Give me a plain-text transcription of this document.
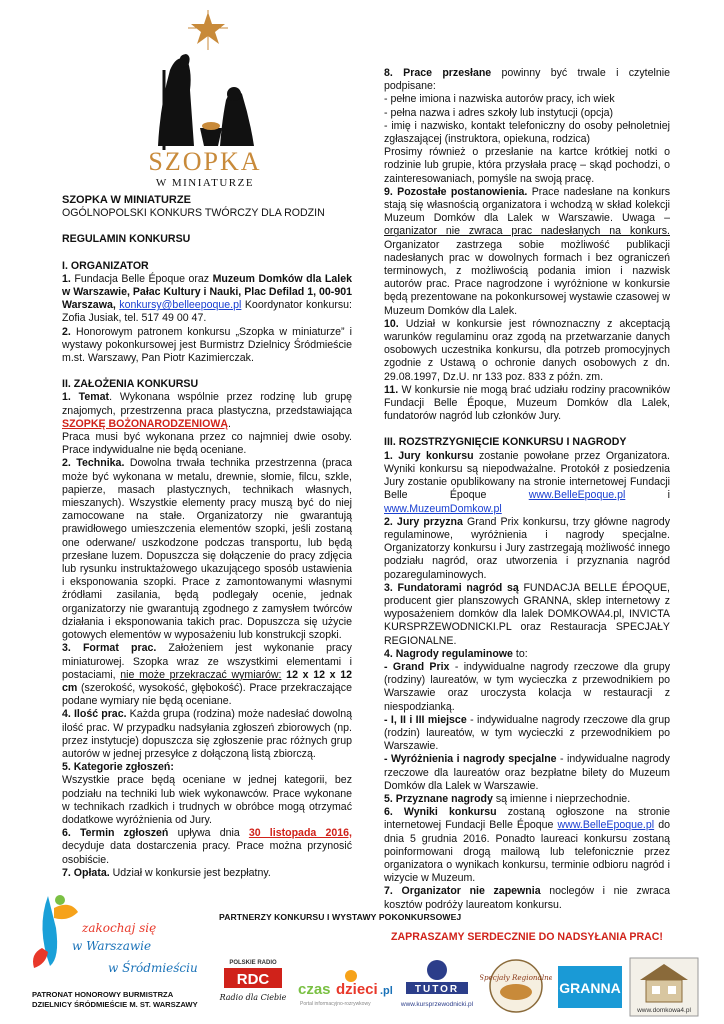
SZOPKA
W MINIATURZE

SZOPKA W MINIATURZE

OGÓLNOPOLSKI KONKURS TWÓRCZY DLA RODZIN

REGULAMIN KONKURSU

I. ORGANIZATOR

1. Fundacja Belle Époque oraz Muzeum Domków dla Lalek w Warszawie, Pałac Kultury i Nauki, Plac Defilad 1, 00-901 Warszawa, konkursy@belleepoque.pl Koordynator konkursu: Zofia Jusiak, tel. 517 49 00 47.

2. Honorowym patronem konkursu „Szopka w miniaturze” i wystawy pokonkursowej jest Burmistrz Dzielnicy Śródmieście m.st. Warszawy, Pan Piotr Kazimierczak.

II. ZAŁOŻENIA KONKURSU

1. Temat. Wykonana wspólnie przez rodzinę lub grupę znajomych, przestrzenna praca plastyczna, przedstawiająca SZOPKĘ BOŻONARODZENIOWĄ.

Praca musi być wykonana przez co najmniej dwie osoby. Prace indywidualne nie będą oceniane.

2. Technika. Dowolna trwała technika przestrzenna (praca może być wykonana w metalu, drewnie, słomie, filcu, szkle, papierze, masach plastycznych, technikach własnych, mieszanych). Wszystkie elementy pracy muszą być do niej zamocowane na stałe. Organizatorzy nie gwarantują prawidłowego umieszczenia elementów szopki, jeśli zostaną one oderwane/ uszkodzone podczas transportu, lub będą przesłane luzem. Dopuszcza się dołączenie do pracy zdjęcia lub rysunku instruktażowego ukazującego sposób ustawienia i eksponowania szopki. Prace z zamontowanymi własnymi źródłami zasilania, będą podlegały ocenie, jednak organizatorzy nie gwarantują zgodnego z zamysłem twórców działania i eksponowania takich prac. Dopuszcza się użycie gotowych elementów w wyposażeniu lub konstrukcji szopki.

3. Format prac. Założeniem jest wykonanie pracy miniaturowej. Szopka wraz ze wszystkimi elementami i postaciami, nie może przekraczać wymiarów: 12 x 12 x 12 cm (szerokość, wysokość, głębokość). Prace przekraczające podane wymiary nie będą oceniane.

4. Ilość prac. Każda grupa (rodzina) może nadesłać dowolną ilość prac. W przypadku nadsyłania zgłoszeń zbiorowych (np. przez instytucje) dopuszcza się zgłoszenie prac różnych grup autorów w jednej przesyłce z dołączoną listą zbiorczą.

5. Kategorie zgłoszeń:

Wszystkie prace będą oceniane w jednej kategorii, bez podziału na techniki lub wiek wykonawców. Prace wykonane w technikach rzadkich i trudnych w obróbce mogą otrzymać dodatkowe wyróżnienia od Jury.

6. Termin zgłoszeń upływa dnia 30 listopada 2016, decyduje data dostarczenia pracy. Prace można przynosić osobiście.

7. Opłata. Udział w konkursie jest bezpłatny.

8. Prace przesłane powinny być trwale i czytelnie podpisane:

- pełne imiona i nazwiska autorów pracy, ich wiek

- pełna nazwa i adres szkoły lub instytucji (opcja)

- imię i nazwisko, kontakt telefoniczny do osoby pełnoletniej zgłaszającej (instruktora, opiekuna, rodzica)

Prosimy również o przesłanie na kartce krótkiej notki o rodzinie lub grupie, która przysłała pracę – skąd pochodzi, o zainteresowaniach, pomyśle na swoją pracę.

9. Pozostałe postanowienia. Prace nadesłane na konkurs stają się własnością organizatora i wchodzą w skład kolekcji Muzeum Domków dla Lalek w Warszawie. Uwaga – organizator nie zwraca prac nadesłanych na konkurs. Organizator zastrzega sobie możliwość publikacji nadesłanych prac w dowolnych formach i bez ograniczeń terminowych, z możliwością podania imion i nazwisk autorów prac. Prace nagrodzone i wyróżnione w konkursie będą prezentowane na pokonkursowej wystawie czasowej w Muzeum Domków dla Lalek.

10. Udział w konkursie jest równoznaczny z akceptacją warunków regulaminu oraz zgodą na przetwarzanie danych osobowych uczestnika konkursu, dla potrzeb promocyjnych zgodnie z Ustawą o ochronie danych osobowych z dn. 29.08.1997, Dz.U. nr 133 poz. 833 z późn. zm.

11. W konkursie nie mogą brać udziału rodziny pracowników Fundacji Belle Époque, Muzeum Domków dla Lalek, fundatorów nagród lub członków Jury.

III. ROZSTRZYGNIĘCIE KONKURSU I NAGRODY

1. Jury konkursu zostanie powołane przez Organizatora. Wyniki konkursu są niepodważalne. Protokół z posiedzenia Jury zostanie opublikowany na stronie internetowej Fundacji Belle Époque	www.BelleEpoque.pl	i www.MuzeumDomkow.pl

2. Jury przyzna Grand Prix konkursu, trzy główne nagrody regulaminowe, wyróżnienia i nagrody specjalne. Organizatorzy konkursu i Jury zastrzegają możliwość innego podziału nagród, oraz utworzenia i przyznania nagród pozaregulaminowych.

3. Fundatorami nagród są FUNDACJA BELLE ÉPOQUE, producent gier planszowych GRANNA, sklep internetowy z wyposażeniem domków dla lalek DOMKOWA4.pl, INVICTA KURSPRZEWODNICKI.PL oraz Restauracja SPECJAŁY REGIONALNE.

4. Nagrody regulaminowe to:

- Grand Prix - indywidualne nagrody rzeczowe dla grupy (rodziny) laureatów, w tym wycieczka z przewodnikiem po Warszawie oraz uroczysta kolacja w restauracji z niespodzianką.

- I, II i III miejsce - indywidualne nagrody rzeczowe dla grup (rodzin) laureatów, w tym wycieczki z przewodnikiem po Warszawie.

- Wyróżnienia i nagrody specjalne - indywidualne nagrody rzeczowe dla laureatów oraz bezpłatne bilety do Muzeum Domków dla Lalek w Warszawie.

5. Przyznane nagrody są imienne i nieprzechodnie.

6. Wyniki konkursu zostaną ogłoszone na stronie internetowej Fundacji Belle Époque www.BelleEpoque.pl do dnia 5 grudnia 2016. Ponadto laureaci konkursu zostaną poinformowani drogą mailową lub telefonicznie przez organizatora o wynikach konkursu, terminie odbioru nagród i wizycie w Muzeum.

7. Organizator nie zapewnia noclegów i nie zwraca kosztów podróży laureatom konkursu.

ZAPRASZAMY SERDECZNIE DO NADSYŁANIA PRAC!

zakochaj się
w Warszawie
w Śródmieściu
PATRONAT HONOROWY BURMISTRZA
DZIELNICY ŚRÓDMIEŚCIE M. ST. WARSZAWY
PARTNERZY KONKURSU I WYSTAWY POKONKURSOWEJ
POLSKIE RADIO
RDC
Radio dla Ciebie czas dzieci .pl
Portal informacyjno-rozrywkowy
TUTOR
www.kursprzewodnicki.pl
Specjały Regionalne
GRANNA
www.domkowa4.pl
